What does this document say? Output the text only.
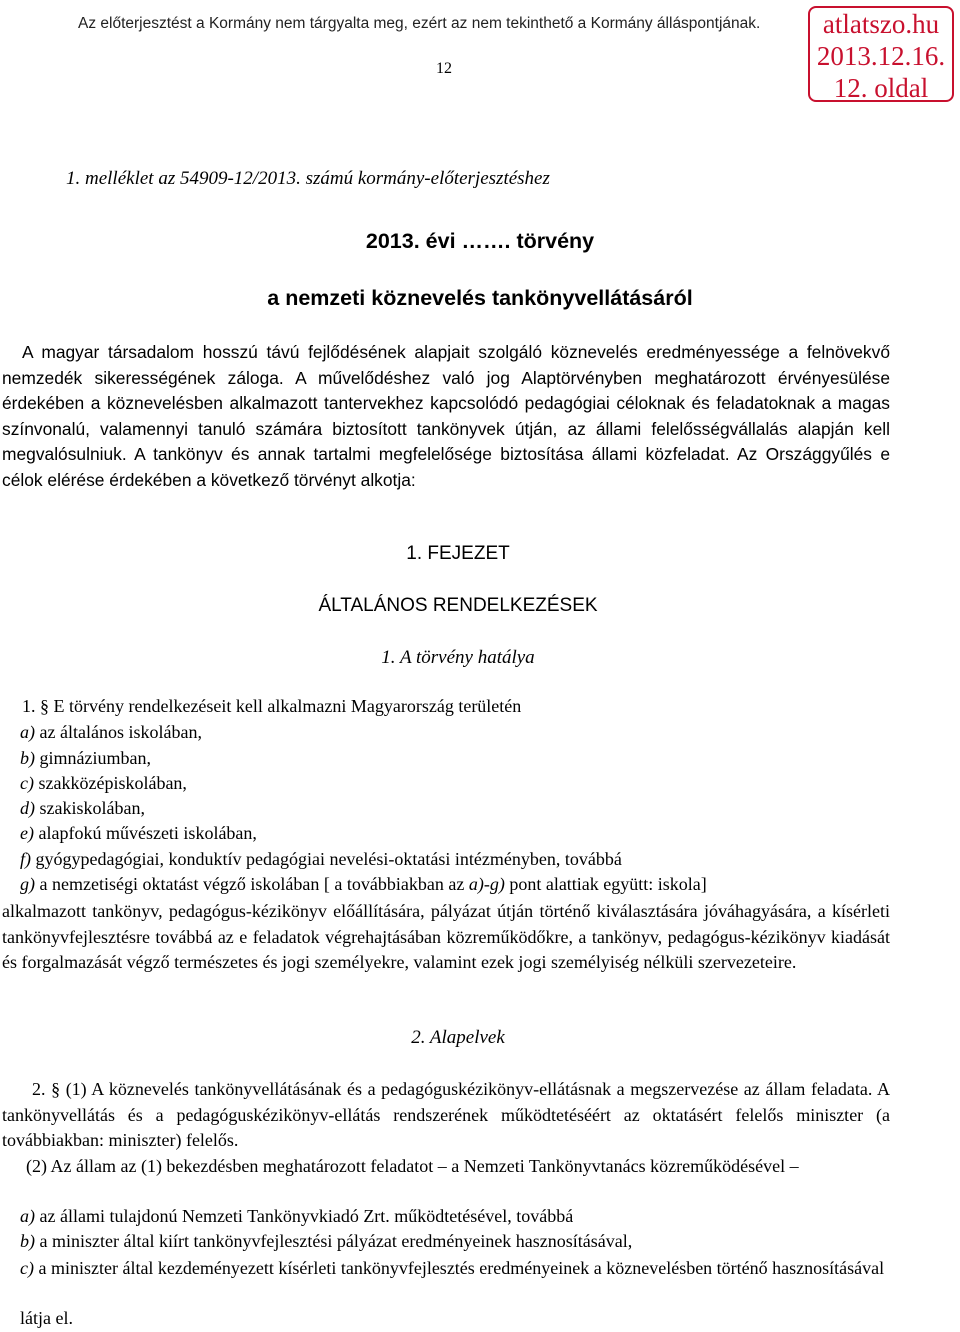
Az előterjesztést a Kormány nem tárgyalta meg, ezért az nem tekinthető a Kormány álláspontjának.
12
atlatszo.hu
2013.12.16.
12. oldal
1. melléklet az 54909-12/2013. számú kormány-előterjesztéshez
2013. évi ……. törvény
a nemzeti köznevelés tankönyvellátásáról
A magyar társadalom hosszú távú fejlődésének alapjait szolgáló köznevelés eredményessége a felnövekvő nemzedék sikerességének záloga. A művelődéshez való jog Alaptörvényben meghatározott érvényesülése érdekében a köznevelésben alkalmazott tantervekhez kapcsolódó pedagógiai céloknak és feladatoknak a magas színvonalú, valamennyi tanuló számára biztosított tankönyvek útján, az állami felelősségvállalás alapján kell megvalósulniuk. A tankönyv és annak tartalmi megfelelősége biztosítása állami közfeladat. Az Országgyűlés e célok elérése érdekében a következő törvényt alkotja:
1. FEJEZET
ÁLTALÁNOS RENDELKEZÉSEK
1. A törvény hatálya
1. § E törvény rendelkezéseit kell alkalmazni Magyarország területén
a) az általános iskolában,
b) gimnáziumban,
c) szakközépiskolában,
d) szakiskolában,
e) alapfokú művészeti iskolában,
f) gyógypedagógiai, konduktív pedagógiai nevelési-oktatási intézményben, továbbá
g) a nemzetiségi oktatást végző iskolában [ a továbbiakban az a)-g) pont alattiak együtt: iskola]
alkalmazott tankönyv, pedagógus-kézikönyv előállítására, pályázat útján történő kiválasztására jóváhagyására, a kísérleti tankönyvfejlesztésre továbbá az e feladatok végrehajtásában közreműködőkre, a tankönyv, pedagógus-kézikönyv kiadását és forgalmazását végző természetes és jogi személyekre, valamint ezek jogi személyiség nélküli szervezeteire.
2. Alapelvek
2. § (1) A köznevelés tankönyvellátásának és a pedagóguskézikönyv-ellátásnak a megszervezése az állam feladata. A tankönyvellátás és a pedagóguskézikönyv-ellátás rendszerének működtetéséért az oktatásért felelős miniszter (a továbbiakban: miniszter) felelős.
(2) Az állam az (1) bekezdésben meghatározott feladatot – a Nemzeti Tankönyvtanács közreműködésével –
a) az állami tulajdonú Nemzeti Tankönyvkiadó Zrt. működtetésével, továbbá
b) a miniszter által kiírt tankönyvfejlesztési pályázat eredményeinek hasznosításával,
c) a miniszter által kezdeményezett kísérleti tankönyvfejlesztés eredményeinek a köznevelésben történő hasznosításával
látja el.
